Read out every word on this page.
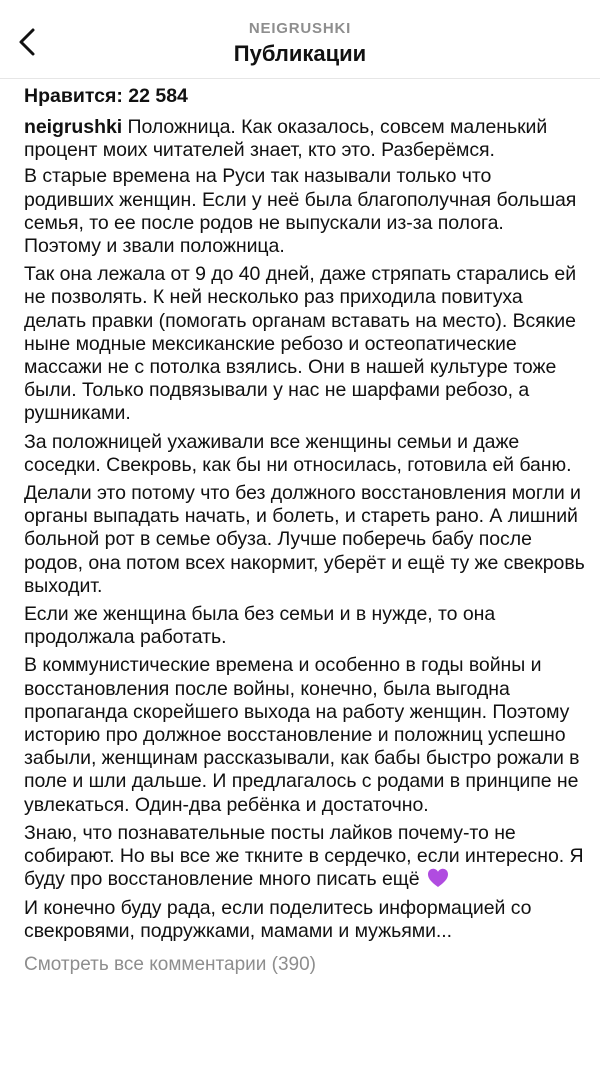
NEIGRUSHKI
Публикации
Нравится: 22 584

neigrushki Положница. Как оказалось, совсем маленький процент моих читателей знает, кто это. Разберёмся.

В старые времена на Руси так называли только что родивших женщин. Если у неё была благополучная большая семья, то ее после родов не выпускали из-за полога. Поэтому и звали положница.

Так она лежала от 9 до 40 дней, даже стряпать старались ей не позволять. К ней несколько раз приходила повитуха делать правки (помогать органам вставать на место). Всякие ныне модные мексиканские ребозо и остеопатические массажи не с потолка взялись. Они в нашей культуре тоже были. Только подвязывали у нас не шарфами ребозо, а рушниками.

За положницей ухаживали все женщины семьи и даже соседки. Свекровь, как бы ни относилась, готовила ей баню.

Делали это потому что без должного восстановления могли и органы выпадать начать, и болеть, и стареть рано. А лишний больной рот в семье обуза. Лучше поберечь бабу после родов, она потом всех накормит, уберёт и ещё ту же свекровь выходит.

Если же женщина была без семьи и в нужде, то она продолжала работать.

В коммунистические времена и особенно в годы войны и восстановления после войны, конечно, была выгодна пропаганда скорейшего выхода на работу женщин. Поэтому историю про должное восстановление и положниц успешно забыли, женщинам рассказывали, как бабы быстро рожали в поле и шли дальше. И предлагалось с родами в принципе не увлекаться. Один-два ребёнка и достаточно.

Знаю, что познавательные посты лайков почему-то не собирают. Но вы все же ткните в сердечко, если интересно. Я буду про восстановление много писать ещё

И конечно буду рада, если поделитесь информацией со свекровями, подружками, мамами и мужьями...

Смотреть все комментарии (390)
